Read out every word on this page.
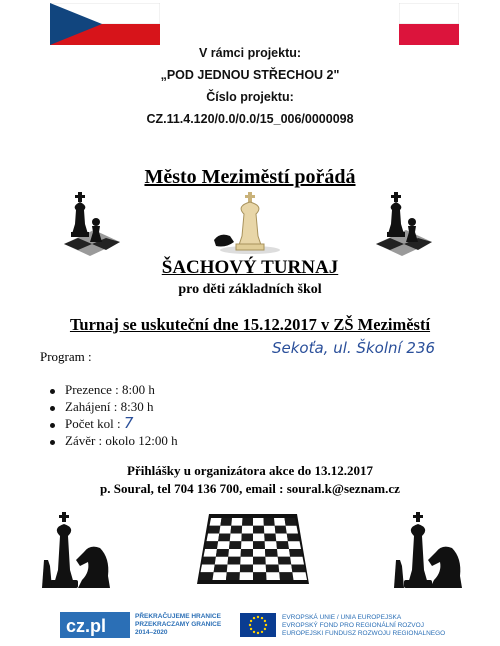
V rámci projektu:
„POD JEDNOU STŘECHOU 2"
Číslo projektu:
CZ.11.4.120/0.0/0.0/15_006/0000098
Město Meziměstí pořádá
ŠACHOVÝ TURNAJ
pro děti základních škol
Turnaj se uskuteční dne 15.12.2017 v ZŠ Meziměstí
Sekoťa, ul. Školní 236
Program :
Prezence : 8:00 h
Zahájení : 8:30 h
Počet kol : 7
Závěr : okolo 12:00 h
Přihlášky u organizátora akce do 13.12.2017
p. Soural, tel 704 136 700, email : soural.k@seznam.cz
cz.pl	PŘEKRAČUJEME HRANICE
PRZEKRACZAMY GRANICE
2014–2020
EVROPSKÁ UNIE / UNIA EUROPEJSKA
EVROPSKÝ FOND PRO REGIONÁLNÍ ROZVOJ
EUROPEJSKI FUNDUSZ ROZWOJU REGIONALNEGO
